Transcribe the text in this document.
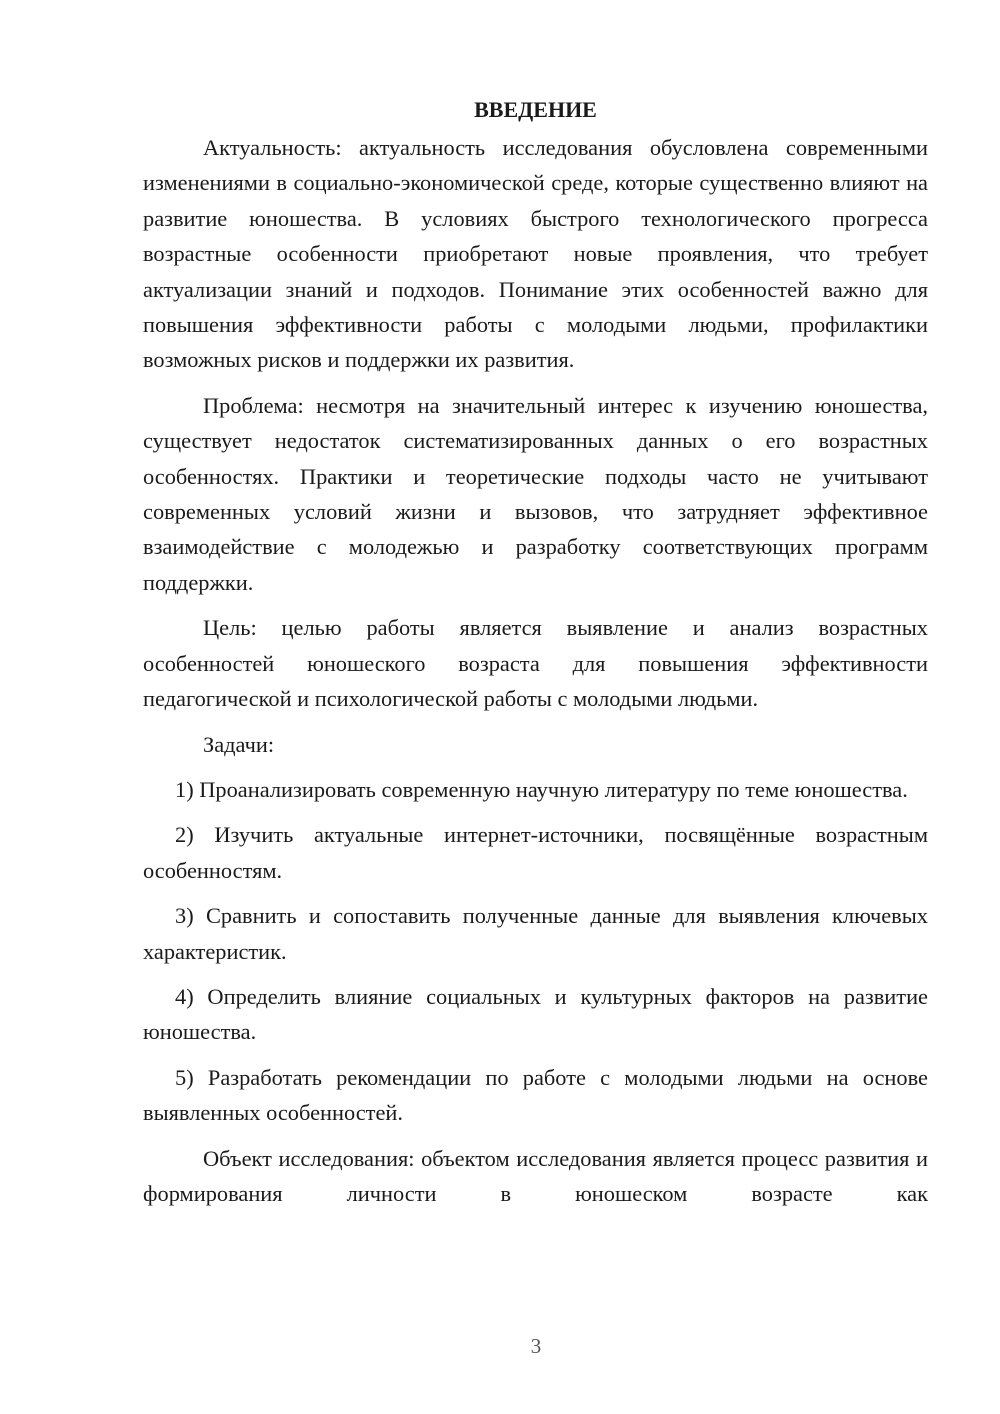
ВВЕДЕНИЕ

Актуальность: актуальность исследования обусловлена современными изменениями в социально-экономической среде, которые существенно влияют на развитие юношества. В условиях быстрого технологического прогресса возрастные особенности приобретают новые проявления, что требует актуализации знаний и подходов. Понимание этих особенностей важно для повышения эффективности работы с молодыми людьми, профилактики возможных рисков и поддержки их развития.

Проблема: несмотря на значительный интерес к изучению юношества, существует недостаток систематизированных данных о его возрастных особенностях. Практики и теоретические подходы часто не учитывают современных условий жизни и вызовов, что затрудняет эффективное взаимодействие с молодежью и разработку соответствующих программ поддержки.

Цель: целью работы является выявление и анализ возрастных особенностей юношеского возраста для повышения эффективности педагогической и психологической работы с молодыми людьми.

Задачи:

1) Проанализировать современную научную литературу по теме юношества.

2) Изучить актуальные интернет-источники, посвящённые возрастным особенностям.

3) Сравнить и сопоставить полученные данные для выявления ключевых характеристик.

4) Определить влияние социальных и культурных факторов на развитие юношества.

5) Разработать рекомендации по работе с молодыми людьми на основе выявленных особенностей.

Объект исследования: объектом исследования является процесс развития и формирования личности в юношеском возрасте как

3
